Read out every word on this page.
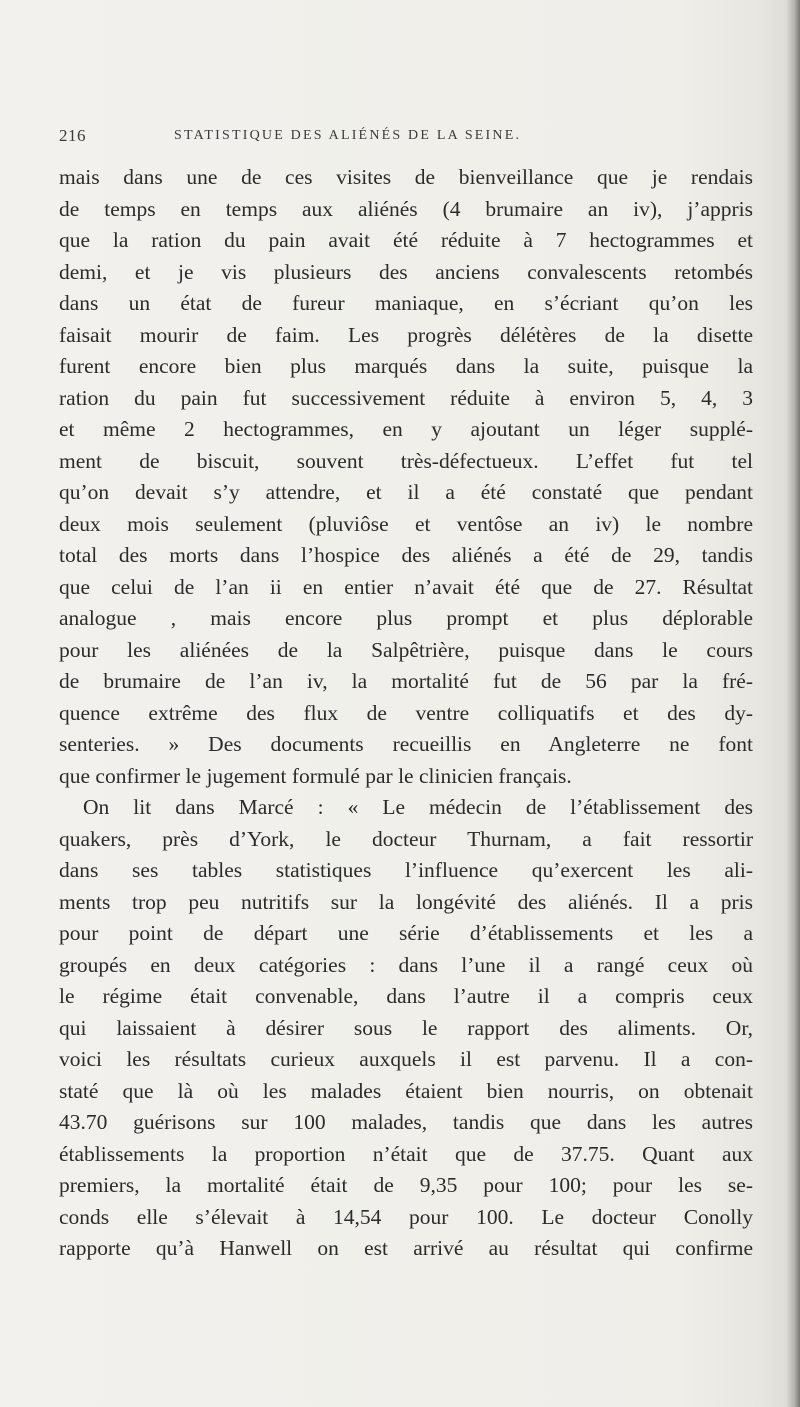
216	STATISTIQUE DES ALIÉNÉS DE LA SEINE.
mais dans une de ces visites de bienveillance que je rendais
de temps en temps aux aliénés (4 brumaire an iv), j’appris
que la ration du pain avait été réduite à 7 hectogrammes et
demi, et je vis plusieurs des anciens convalescents retombés
dans un état de fureur maniaque, en s’écriant qu’on les
faisait mourir de faim. Les progrès délétères de la disette
furent encore bien plus marqués dans la suite, puisque la
ration du pain fut successivement réduite à environ 5, 4, 3
et même 2 hectogrammes, en y ajoutant un léger supplé-
ment de biscuit, souvent très-défectueux. L’effet fut tel
qu’on devait s’y attendre, et il a été constaté que pendant
deux mois seulement (pluviôse et ventôse an iv) le nombre
total des morts dans l’hospice des aliénés a été de 29, tandis
que celui de l’an ii en entier n’avait été que de 27. Résultat
analogue , mais encore plus prompt et plus déplorable
pour les aliénées de la Salpêtrière, puisque dans le cours
de brumaire de l’an iv, la mortalité fut de 56 par la fré-
quence extrême des flux de ventre colliquatifs et des dy-
senteries. » Des documents recueillis en Angleterre ne font
que confirmer le jugement formulé par le clinicien français.
On lit dans Marcé : « Le médecin de l’établissement des
quakers, près d’York, le docteur Thurnam, a fait ressortir
dans ses tables statistiques l’influence qu’exercent les ali-
ments trop peu nutritifs sur la longévité des aliénés. Il a pris
pour point de départ une série d’établissements et les a
groupés en deux catégories : dans l’une il a rangé ceux où
le régime était convenable, dans l’autre il a compris ceux
qui laissaient à désirer sous le rapport des aliments. Or,
voici les résultats curieux auxquels il est parvenu. Il a con-
staté que là où les malades étaient bien nourris, on obtenait
43.70 guérisons sur 100 malades, tandis que dans les autres
établissements la proportion n’était que de 37.75. Quant aux
premiers, la mortalité était de 9,35 pour 100; pour les se-
conds elle s’élevait à 14,54 pour 100. Le docteur Conolly
rapporte qu’à Hanwell on est arrivé au résultat qui confirme
